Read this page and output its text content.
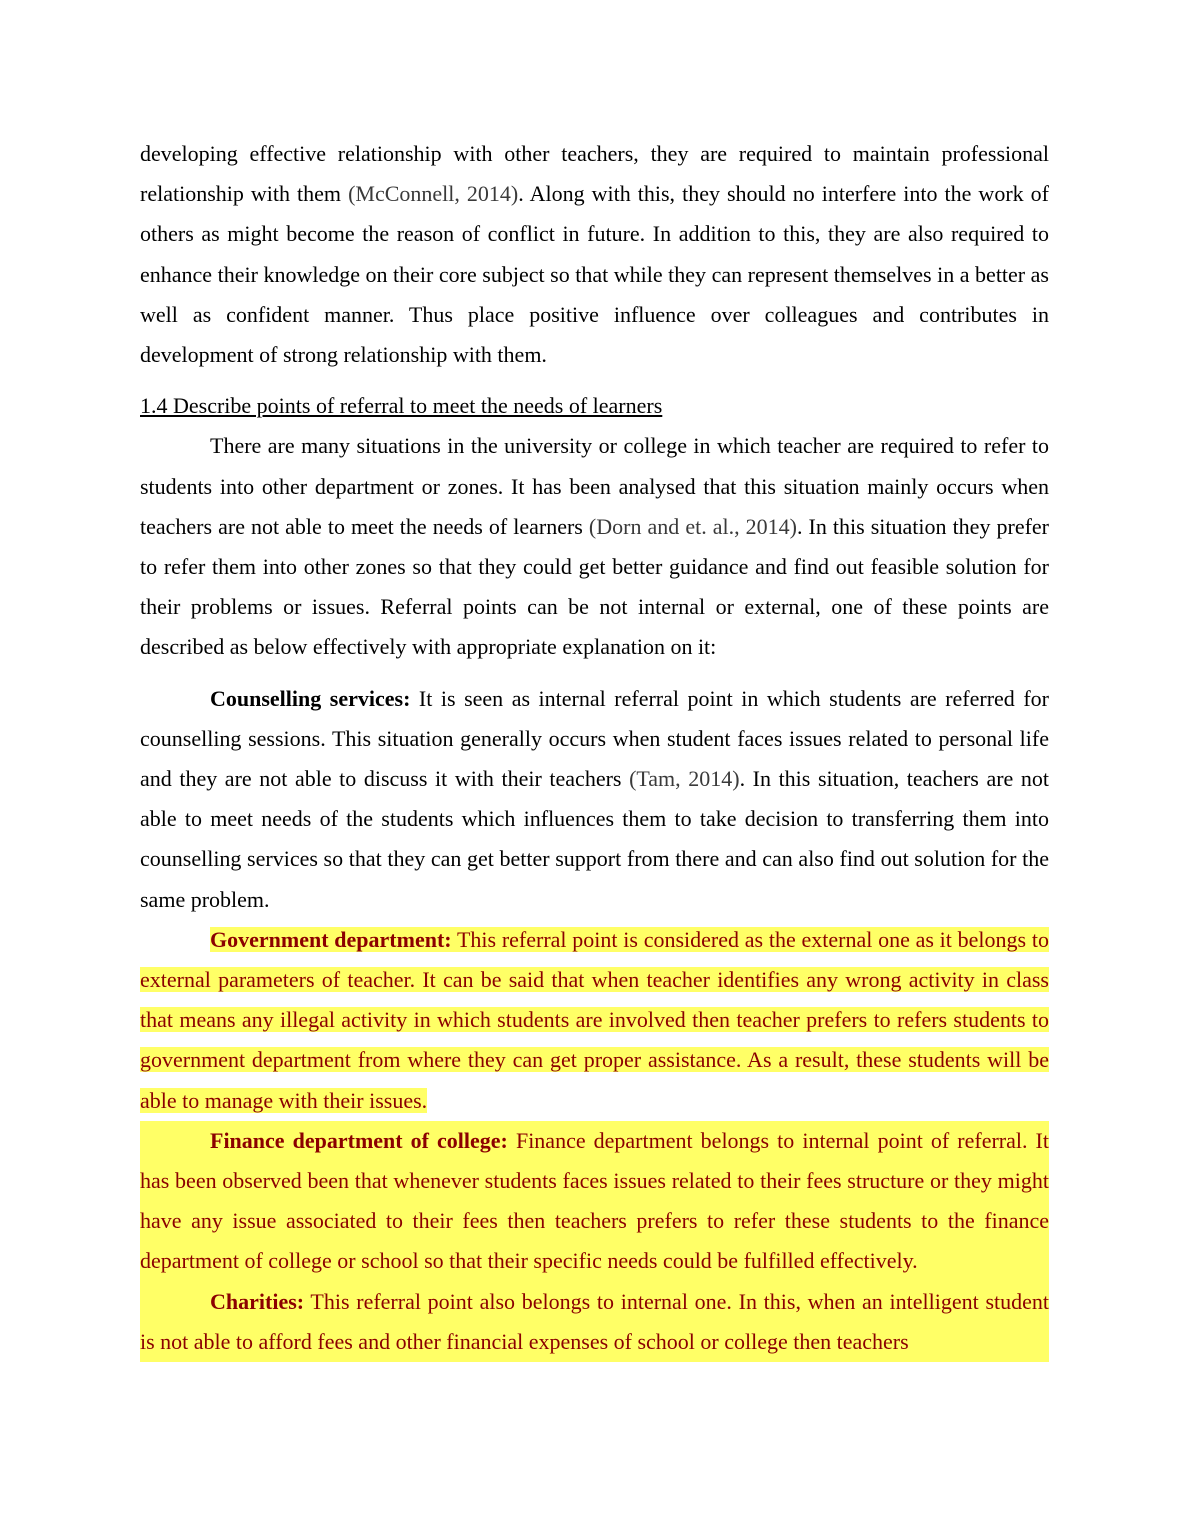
developing effective relationship with other teachers, they are required to maintain professional relationship with them (McConnell, 2014). Along with this, they should no interfere into the work of others as might become the reason of conflict in future. In addition to this, they are also required to enhance their knowledge on their core subject so that while they can represent themselves in a better as well as confident manner. Thus place positive influence over colleagues and contributes in development of strong relationship with them.

1.4 Describe points of referral to meet the needs of learners

There are many situations in the university or college in which teacher are required to refer to students into other department or zones. It has been analysed that this situation mainly occurs when teachers are not able to meet the needs of learners (Dorn and et. al., 2014). In this situation they prefer to refer them into other zones so that they could get better guidance and find out feasible solution for their problems or issues. Referral points can be not internal or external, one of these points are described as below effectively with appropriate explanation on it:

Counselling services: It is seen as internal referral point in which students are referred for counselling sessions. This situation generally occurs when student faces issues related to personal life and they are not able to discuss it with their teachers (Tam, 2014). In this situation, teachers are not able to meet needs of the students which influences them to take decision to transferring them into counselling services so that they can get better support from there and can also find out solution for the same problem.

Government department: This referral point is considered as the external one as it belongs to external parameters of teacher. It can be said that when teacher identifies any wrong activity in class that means any illegal activity in which students are involved then teacher prefers to refers students to government department from where they can get proper assistance. As a result, these students will be able to manage with their issues.

Finance department of college: Finance department belongs to internal point of referral. It has been observed been that whenever students faces issues related to their fees structure or they might have any issue associated to their fees then teachers prefers to refer these students to the finance department of college or school so that their specific needs could be fulfilled effectively.

Charities: This referral point also belongs to internal one. In this, when an intelligent student is not able to afford fees and other financial expenses of school or college then teachers
